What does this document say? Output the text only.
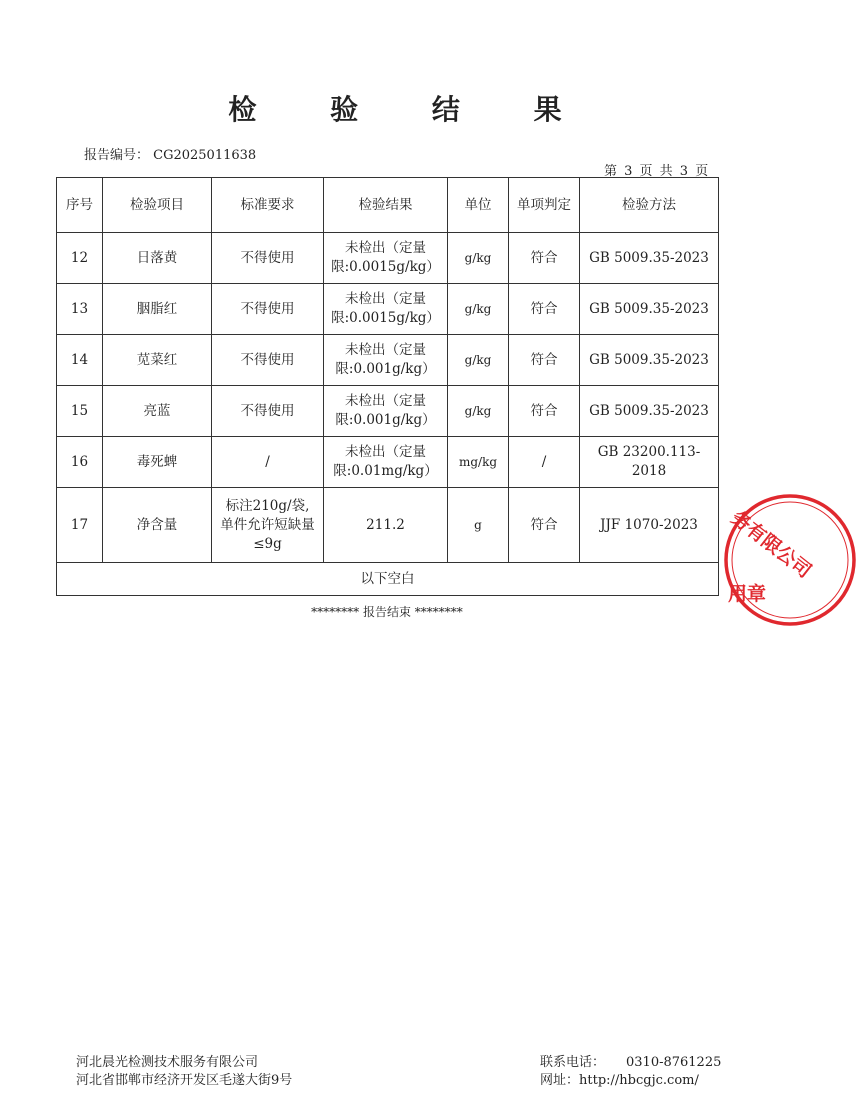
检 验 结 果
报告编号： CG2025011638
第 3 页 共 3 页
序号	检验项目	标准要求	检验结果	单位	单项判定	检验方法
12	日落黄	不得使用	未检出（定量
限:0.0015g/kg）	g/kg	符合	GB 5009.35-2023
13	胭脂红	不得使用	未检出（定量
限:0.0015g/kg）	g/kg	符合	GB 5009.35-2023
14	苋菜红	不得使用	未检出（定量
限:0.001g/kg）	g/kg	符合	GB 5009.35-2023
15	亮蓝	不得使用	未检出（定量
限:0.001g/kg）	g/kg	符合	GB 5009.35-2023
16	毒死蜱	/	未检出（定量
限:0.01mg/kg）	mg/kg	/	GB 23200.113-2018
17	净含量	标注210g/袋,
单件允许短缺量
≤9g	211.2	g	符合	JJF 1070-2023
以下空白						
******** 报告结束 ********
务有限公司
用章
河北晨光检测技术服务有限公司
河北省邯郸市经济开发区毛遂大街9号
联系电话： 0310-8761225
网址：http://hbcgjc.com/
